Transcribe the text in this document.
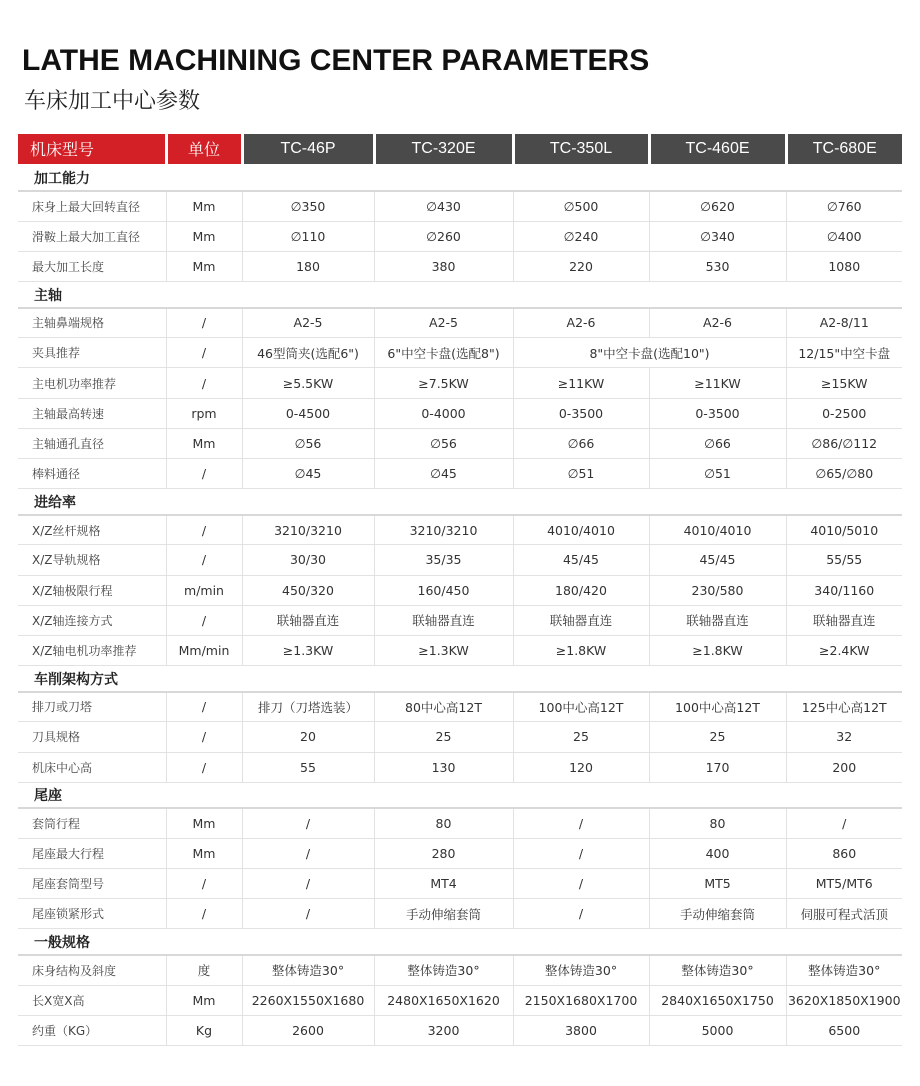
LATHE MACHINING CENTER PARAMETERS
车床加工中心参数
机床型号	单位	TC-46P	TC-320E	TC-350L	TC-460E	TC-680E
加工能力						
床身上最大回转直径	Mm	∅350	∅430	∅500	∅620	∅760
滑鞍上最大加工直径	Mm	∅110	∅260	∅240	∅340	∅400
最大加工长度	Mm	180	380	220	530	1080
主轴						
主轴鼻端规格	/	A2-5	A2-5	A2-6	A2-6	A2-8/11
夹具推荐	/	46型筒夹(选配6")	6"中空卡盘(选配8")	8"中空卡盘(选配10")		12/15"中空卡盘
主电机功率推荐	/	≥5.5KW	≥7.5KW	≥11KW	≥11KW	≥15KW
主轴最高转速	rpm	0-4500	0-4000	0-3500	0-3500	0-2500
主轴通孔直径	Mm	∅56	∅56	∅66	∅66	∅86/∅112
棒料通径	/	∅45	∅45	∅51	∅51	∅65/∅80
进给率						
X/Z丝杆规格	/	3210/3210	3210/3210	4010/4010	4010/4010	4010/5010
X/Z导轨规格	/	30/30	35/35	45/45	45/45	55/55
X/Z轴极限行程	m/min	450/320	160/450	180/420	230/580	340/1160
X/Z轴连接方式	/	联轴器直连	联轴器直连	联轴器直连	联轴器直连	联轴器直连
X/Z轴电机功率推荐	Mm/min	≥1.3KW	≥1.3KW	≥1.8KW	≥1.8KW	≥2.4KW
车削架构方式						
排刀或刀塔	/	排刀（刀塔选装）	80中心高12T	100中心高12T	100中心高12T	125中心高12T
刀具规格	/	20	25	25	25	32
机床中心高	/	55	130	120	170	200
尾座						
套筒行程	Mm	/	80	/	80	/
尾座最大行程	Mm	/	280	/	400	860
尾座套筒型号	/	/	MT4	/	MT5	MT5/MT6
尾座锁紧形式	/	/	手动伸缩套筒	/	手动伸缩套筒	伺服可程式活顶
一般规格						
床身结构及斜度	度	整体铸造30°	整体铸造30°	整体铸造30°	整体铸造30°	整体铸造30°
长X宽X高	Mm	2260X1550X1680	2480X1650X1620	2150X1680X1700	2840X1650X1750	3620X1850X1900
约重（KG）	Kg	2600	3200	3800	5000	6500
